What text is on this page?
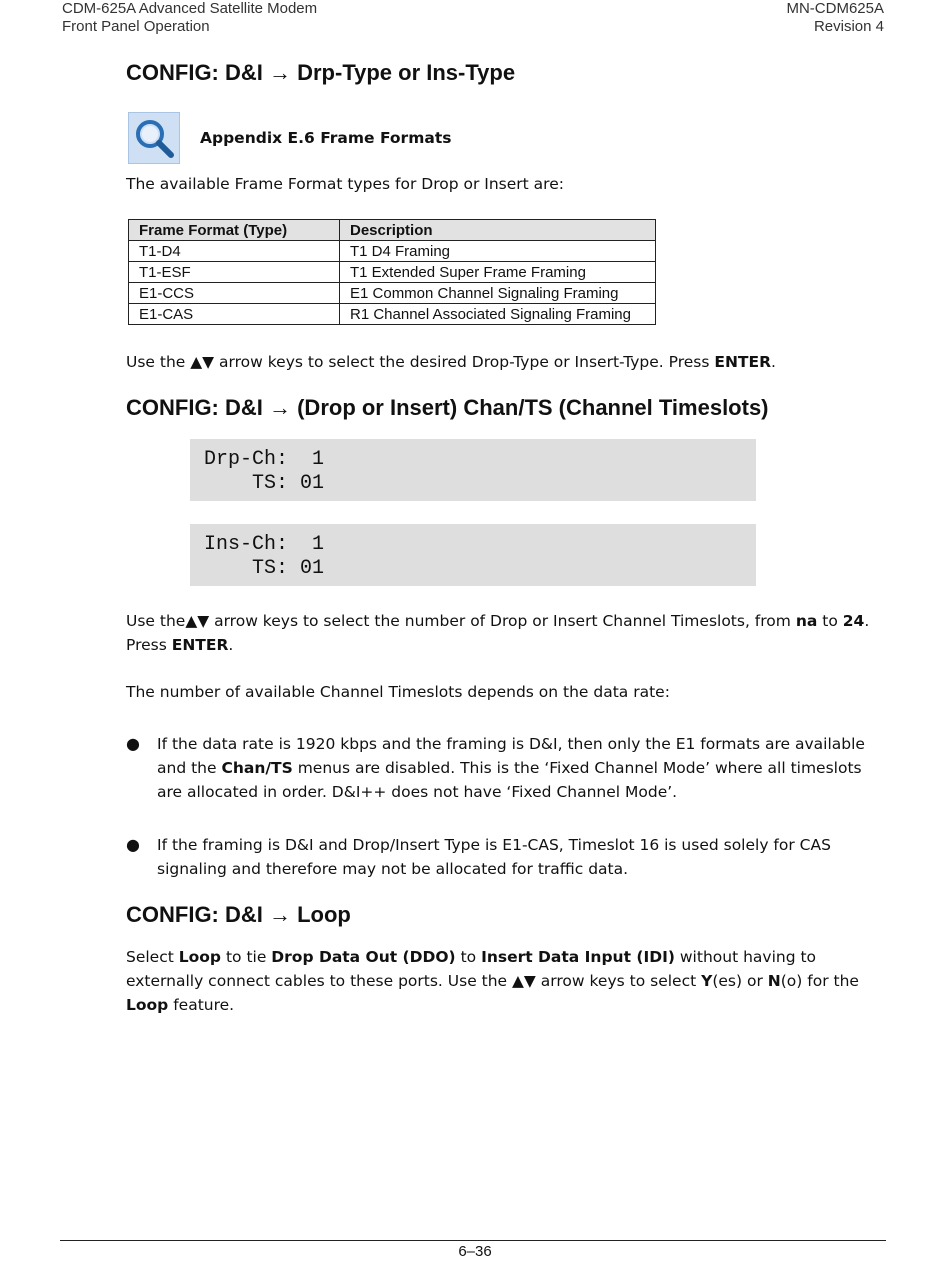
CDM-625A Advanced Satellite Modem
Front Panel Operation
MN-CDM625A
Revision 4
CONFIG: D&I → Drp-Type or Ins-Type
Appendix E.6 Frame Formats
The available Frame Format types for Drop or Insert are:
Frame Format (Type)	Description
T1-D4	T1 D4 Framing
T1-ESF	T1 Extended Super Frame Framing
E1-CCS	E1 Common Channel Signaling Framing
E1-CAS	R1 Channel Associated Signaling Framing
Use the ▲▼ arrow keys to select the desired Drop-Type or Insert-Type. Press ENTER.
CONFIG: D&I → (Drop or Insert) Chan/TS (Channel Timeslots)
Drp-Ch:  1
TS: 01
Ins-Ch:  1
TS: 01
Use the▲▼ arrow keys to select the number of Drop or Insert Channel Timeslots, from na to 24. Press ENTER.
The number of available Channel Timeslots depends on the data rate:
● If the data rate is 1920 kbps and the framing is D&I, then only the E1 formats are available and the Chan/TS menus are disabled. This is the ‘Fixed Channel Mode’ where all timeslots are allocated in order. D&I++ does not have ‘Fixed Channel Mode’.
● If the framing is D&I and Drop/Insert Type is E1-CAS, Timeslot 16 is used solely for CAS signaling and therefore may not be allocated for traffic data.
CONFIG: D&I → Loop
Select Loop to tie Drop Data Out (DDO) to Insert Data Input (IDI) without having to externally connect cables to these ports. Use the ▲▼ arrow keys to select Y(es) or N(o) for the Loop feature.
6–36
